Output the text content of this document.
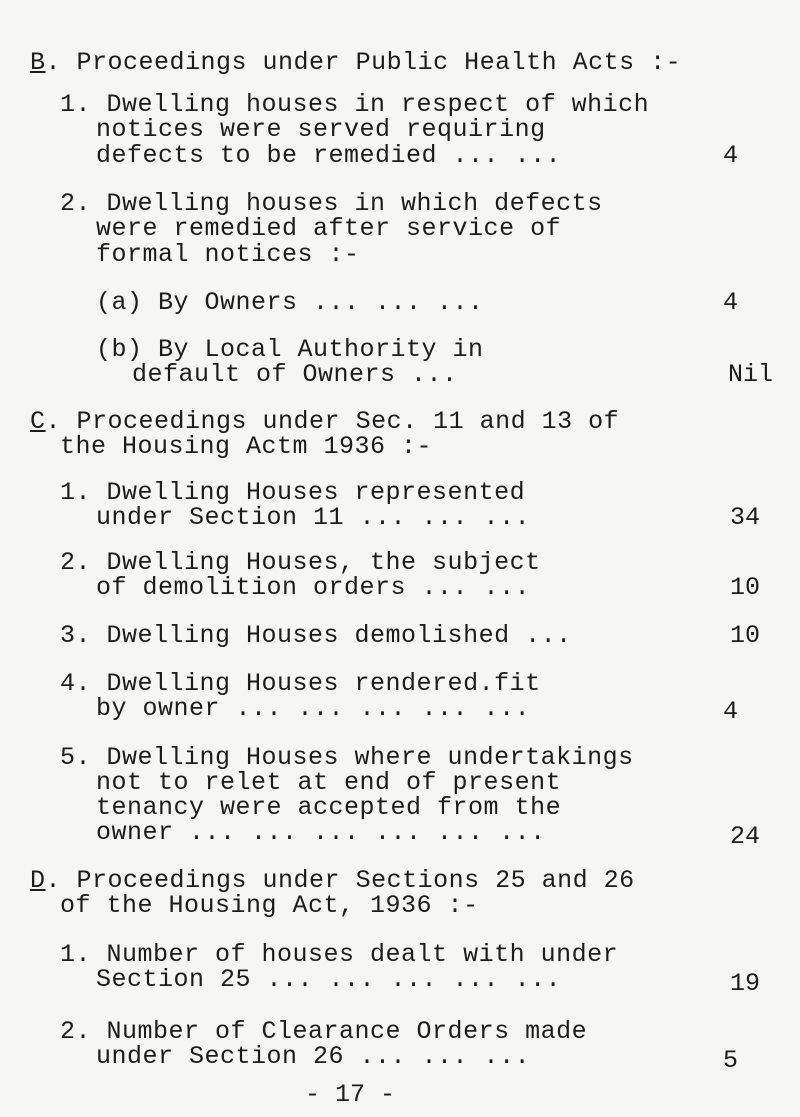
B. Proceedings under Public Health Acts :-
1. Dwelling houses in respect of which
notices were served requiring
defects to be remedied ... ...	4
2. Dwelling houses in which defects
were remedied after service of
formal notices :-
(a) By Owners ... ... ...	4
(b) By Local Authority in
default of Owners ...	Nil
C. Proceedings under Sec. 11 and 13 of
the Housing Actm 1936 :-
1. Dwelling Houses represented
under Section 11 ... ... ...	34
2. Dwelling Houses, the subject
of demolition orders ... ...	10
3. Dwelling Houses demolished ...	10
4. Dwelling Houses rendered.fit
by owner ... ... ... ... ...	4
5. Dwelling Houses where undertakings
not to relet at end of present
tenancy were accepted from the
owner ... ... ... ... ... ...	24
D. Proceedings under Sections 25 and 26
of the Housing Act, 1936 :-
1. Number of houses dealt with under
Section 25 ... ... ... ... ...	19
2. Number of Clearance Orders made
under Section 26 ... ... ...	5
- 17 -
